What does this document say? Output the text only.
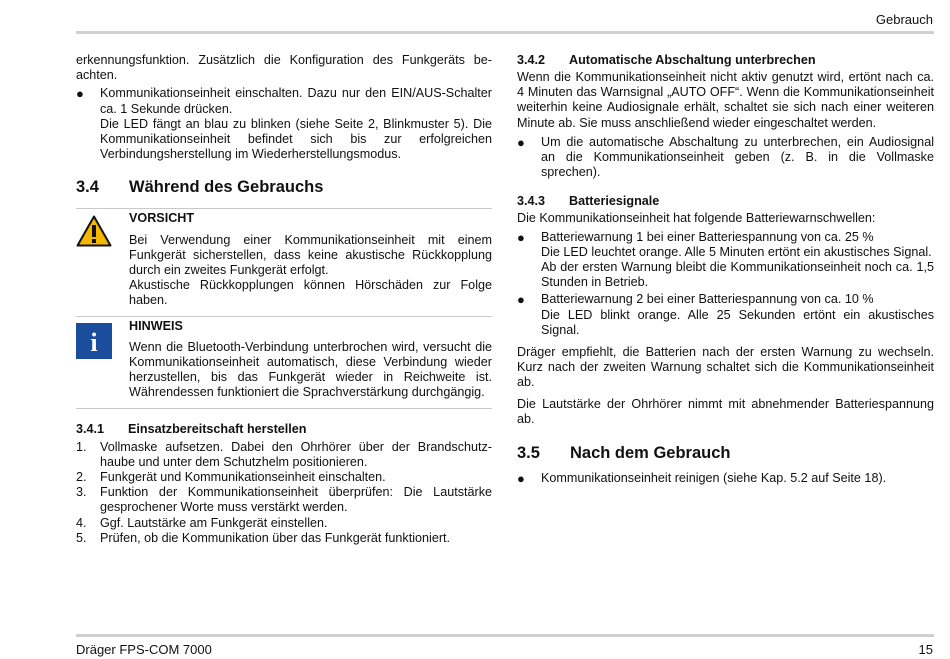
Gebrauch

erkennungsfunktion. Zusätzlich die Konfiguration des Funkgeräts be-achten.

● Kommunikationseinheit einschalten. Dazu nur den EIN/AUS-Schalter ca. 1 Sekunde drücken.
Die LED fängt an blau zu blinken (siehe Seite 2, Blinkmuster 5). Die Kommunikationseinheit befindet sich bis zur erfolgreichen Verbindungsherstellung im Wiederherstellungsmodus.
3.4 Während des Gebrauchs
VORSICHT

Bei Verwendung einer Kommunikationseinheit mit einem Funkgerät sicherstellen, dass keine akustische Rückkopplung durch ein zweites Funkgerät erfolgt.

Akustische Rückkopplungen können Hörschäden zur Folge haben.

i
HINWEIS

Wenn die Bluetooth-Verbindung unterbrochen wird, versucht die Kommunikationseinheit automatisch, diese Verbindung wieder herzustellen, bis das Funkgerät wieder in Reichweite ist. Währendessen funktioniert die Sprachverstärkung durchgängig.

3.4.1 Einsatzbereitschaft herstellen
1. Vollmaske aufsetzen. Dabei den Ohrhörer über der Brandschutz-haube und unter dem Schutzhelm positionieren.
2. Funkgerät und Kommunikationseinheit einschalten.
3. Funktion der Kommunikationseinheit überprüfen: Die Lautstärke gesprochener Worte muss verstärkt werden.
4. Ggf. Lautstärke am Funkgerät einstellen.
5. Prüfen, ob die Kommunikation über das Funkgerät funktioniert.
3.4.2 Automatische Abschaltung unterbrechen

Wenn die Kommunikationseinheit nicht aktiv genutzt wird, ertönt nach ca. 4 Minuten das Warnsignal „AUTO OFF“. Wenn die Kommunikationseinheit weiterhin keine Audiosignale erhält, schaltet sie sich nach einer weiteren Minute ab. Sie muss anschließend wieder eingeschaltet werden.

● Um die automatische Abschaltung zu unterbrechen, ein Audiosignal an die Kommunikationseinheit geben (z. B. in die Vollmaske sprechen).
3.4.3 Batteriesignale

Die Kommunikationseinheit hat folgende Batteriewarnschwellen:

● Batteriewarnung 1 bei einer Batteriespannung von ca. 25 %
Die LED leuchtet orange. Alle 5 Minuten ertönt ein akustisches Signal.
Ab der ersten Warnung bleibt die Kommunikationseinheit noch ca. 1,5 Stunden in Betrieb.
● Batteriewarnung 2 bei einer Batteriespannung von ca. 10 %
Die LED blinkt orange. Alle 25 Sekunden ertönt ein akustisches Signal.

Dräger empfiehlt, die Batterien nach der ersten Warnung zu wechseln. Kurz nach der zweiten Warnung schaltet sich die Kommunikationseinheit ab.

Die Lautstärke der Ohrhörer nimmt mit abnehmender Batteriespannung ab.

3.5 Nach dem Gebrauch
● Kommunikationseinheit reinigen (siehe Kap. 5.2 auf Seite 18).
Dräger FPS-COM 7000	15
